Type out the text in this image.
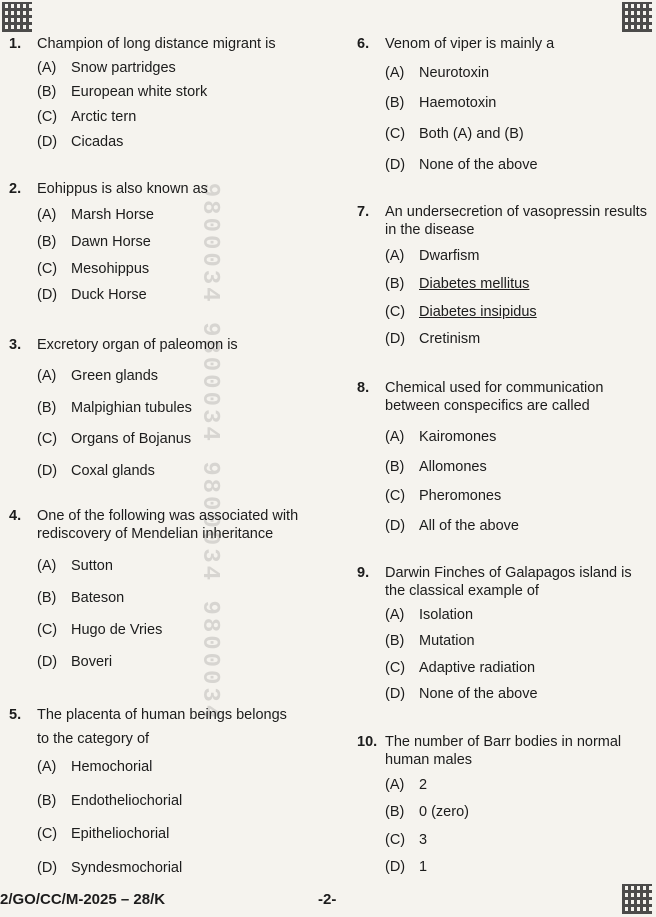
9800034 9800034 9800034 9800034
1. Champion of long distance migrant is
(A) Snow partridges
(B) European white stork
(C) Arctic tern
(D) Cicadas
2. Eohippus is also known as
(A) Marsh Horse
(B) Dawn Horse
(C) Mesohippus
(D) Duck Horse
3. Excretory organ of paleomon is
(A) Green glands
(B) Malpighian tubules
(C) Organs of Bojanus
(D) Coxal glands
4. One of the following was associated with
rediscovery of Mendelian inheritance
(A) Sutton
(B) Bateson
(C) Hugo de Vries
(D) Boveri
5. The placenta of human beings belongs
to the category of
(A) Hemochorial
(B) Endotheliochorial
(C) Epitheliochorial
(D) Syndesmochorial
6. Venom of viper is mainly a
(A) Neurotoxin
(B) Haemotoxin
(C) Both (A) and (B)
(D) None of the above
7. An undersecretion of vasopressin results
in the disease
(A) Dwarfism
(B) Diabetes mellitus
(C) Diabetes insipidus
(D) Cretinism
8. Chemical used for communication
between conspecifics are called
(A) Kairomones
(B) Allomones
(C) Pheromones
(D) All of the above
9. Darwin Finches of Galapagos island is
the classical example of
(A) Isolation
(B) Mutation
(C) Adaptive radiation
(D) None of the above
10. The number of Barr bodies in normal
human males
(A) 2
(B) 0 (zero)
(C) 3
(D) 1
2/GO/CC/M-2025 – 28/K	-2-
